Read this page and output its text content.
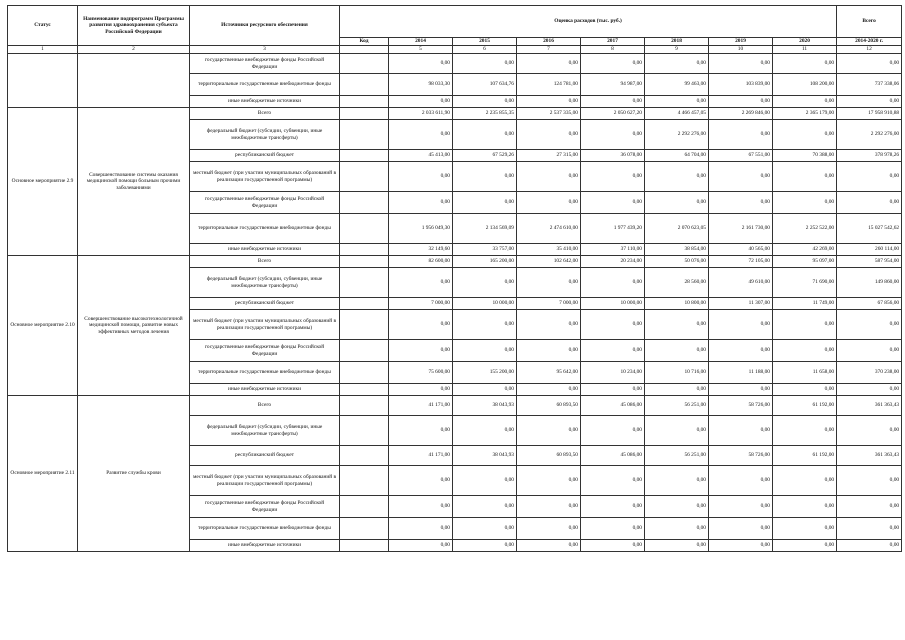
Статус	Наименование подпрограмм Программы развития здравоохранения субъекта Российской Федерации	Источники ресурсного обеспечения	Оценка расходов (тыс. руб.)								Всего
			Код	2014	2015	2016	2017	2018	2019	2020	2014-2020 г.
1	2	3		5	6	7	8	9	10	11	12
		государственные внебюджетные фонды Российской Федерации		0,00	0,00	0,00	0,00	0,00	0,00	0,00	0,00
		территориальные государственные внебюджетные фонды		98 033,30	107 634,76	124 781,00	94 987,00	99 463,00	103 839,00	108 200,00	737 338,06
		иные внебюджетные источники		0,00	0,00	0,00	0,00	0,00	0,00	0,00	0,00
Основное мероприятие 2.9	Совершенствование системы оказания медицинской помощи больным прочими заболеваниями	Всего		2 033 611,90	2 235 855,35	2 537 335,00	2 050 627,20	4 466 457,05	2 269 846,00	2 365 179,00	17 958 910,88
		федеральный бюджет (субсидии, субвенции, иные межбюджетные трансферты)		0,00	0,00	0,00	0,00	2 292 276,00	0,00	0,00	2 292 276,00
		республиканский бюджет		45 413,00	67 529,26	27 315,00	36 078,00	64 704,00	67 551,00	70 388,00	378 978,26
		местный бюджет (при участии муниципальных образований в реализации государственной программы)		0,00	0,00	0,00	0,00	0,00	0,00	0,00	0,00
		государственные внебюджетные фонды Российской Федерации		0,00	0,00	0,00	0,00	0,00	0,00	0,00	0,00
		территориальные государственные внебюджетные фонды		1 956 049,30	2 134 569,09	2 474 610,00	1 977 439,20	2 070 623,05	2 161 730,00	2 252 522,00	15 027 542,62
		иные внебюджетные источники		32 149,60	33 757,00	35 410,00	37 110,00	38 854,00	40 565,00	42 269,00	260 114,00
Основное мероприятие 2.10	Совершенствование высокотехнологичной медицинской помощи, развитие новых эффективных методов лечения	Всего		82 600,00	165 200,00	102 642,00	20 234,00	50 076,00	72 105,00	95 097,00	587 954,00
		федеральный бюджет (субсидии, субвенции, иные межбюджетные трансферты)		0,00	0,00	0,00	0,00	28 560,00	49 610,00	71 690,00	149 860,00
		республиканский бюджет		7 000,00	10 000,00	7 000,00	10 000,00	10 800,00	11 307,00	11 749,00	67 856,00
		местный бюджет (при участии муниципальных образований в реализации государственной программы)		0,00	0,00	0,00	0,00	0,00	0,00	0,00	0,00
		государственные внебюджетные фонды Российской Федерации		0,00	0,00	0,00	0,00	0,00	0,00	0,00	0,00
		территориальные государственные внебюджетные фонды		75 600,00	155 200,00	95 642,00	10 234,00	10 716,00	11 188,00	11 658,00	370 238,00
		иные внебюджетные источники		0,00	0,00	0,00	0,00	0,00	0,00	0,00	0,00
Основное мероприятие 2.11	Развитие службы крови	Всего		41 171,00	38 043,93	60 893,50	45 086,00	56 251,00	58 726,00	61 192,00	361 363,43
		федеральный бюджет (субсидии, субвенции, иные межбюджетные трансферты)		0,00	0,00	0,00	0,00	0,00	0,00	0,00	0,00
		республиканский бюджет		41 171,00	38 043,93	60 893,50	45 086,00	56 251,00	58 726,00	61 192,00	361 363,43
		местный бюджет (при участии муниципальных образований в реализации государственной программы)		0,00	0,00	0,00	0,00	0,00	0,00	0,00	0,00
		государственные внебюджетные фонды Российской Федерации		0,00	0,00	0,00	0,00	0,00	0,00	0,00	0,00
		территориальные государственные внебюджетные фонды		0,00	0,00	0,00	0,00	0,00	0,00	0,00	0,00
		иные внебюджетные источники		0,00	0,00	0,00	0,00	0,00	0,00	0,00	0,00
